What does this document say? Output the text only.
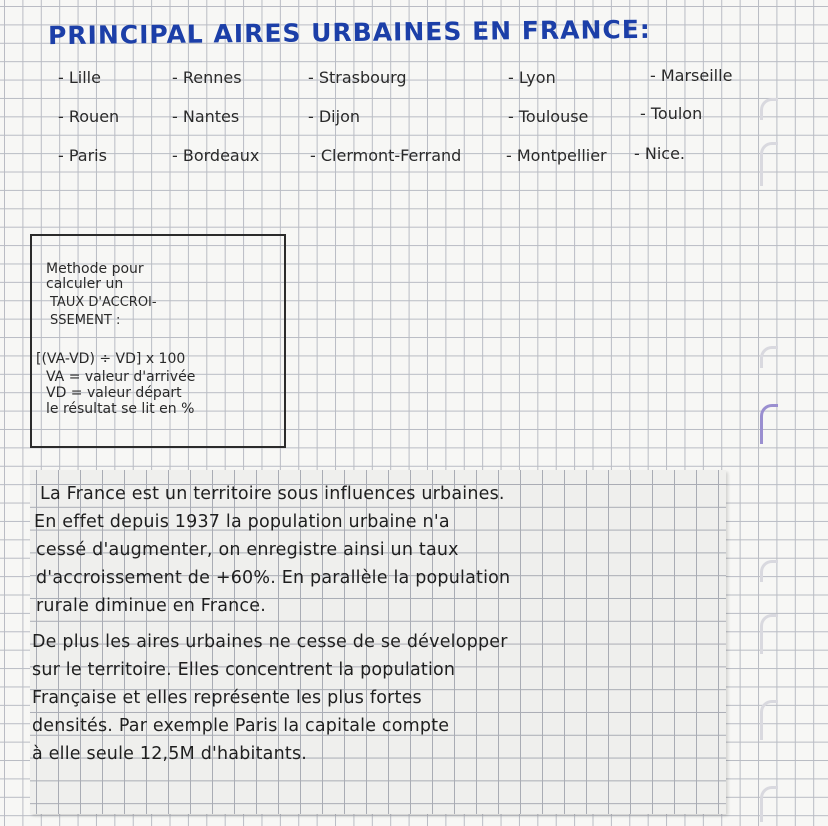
PRINCIPAL AIRES URBAINES EN FRANCE:
- Lille	- Rennes	- Strasbourg	- Lyon	- Marseille
- Rouen	- Nantes	- Dijon	- Toulouse	- Toulon
- Paris	- Bordeaux	- Clermont-Ferrand	- Montpellier - Nice.
Methode pour
calculer un
TAUX D'ACCROI-
SSEMENT :
[(VA-VD) ÷ VD] x 100
VA = valeur d'arrivée
VD = valeur départ
le résultat se lit en %
La France est un territoire sous influences urbaines.
En effet depuis 1937 la population urbaine n'a
cessé d'augmenter, on enregistre ainsi un taux
d'accroissement de +60%. En parallèle la population
rurale diminue en France.
De plus les aires urbaines ne cesse de se développer
sur le territoire. Elles concentrent la population
Française et elles représente les plus fortes
densités. Par exemple Paris la capitale compte
à elle seule 12,5M d'habitants.
